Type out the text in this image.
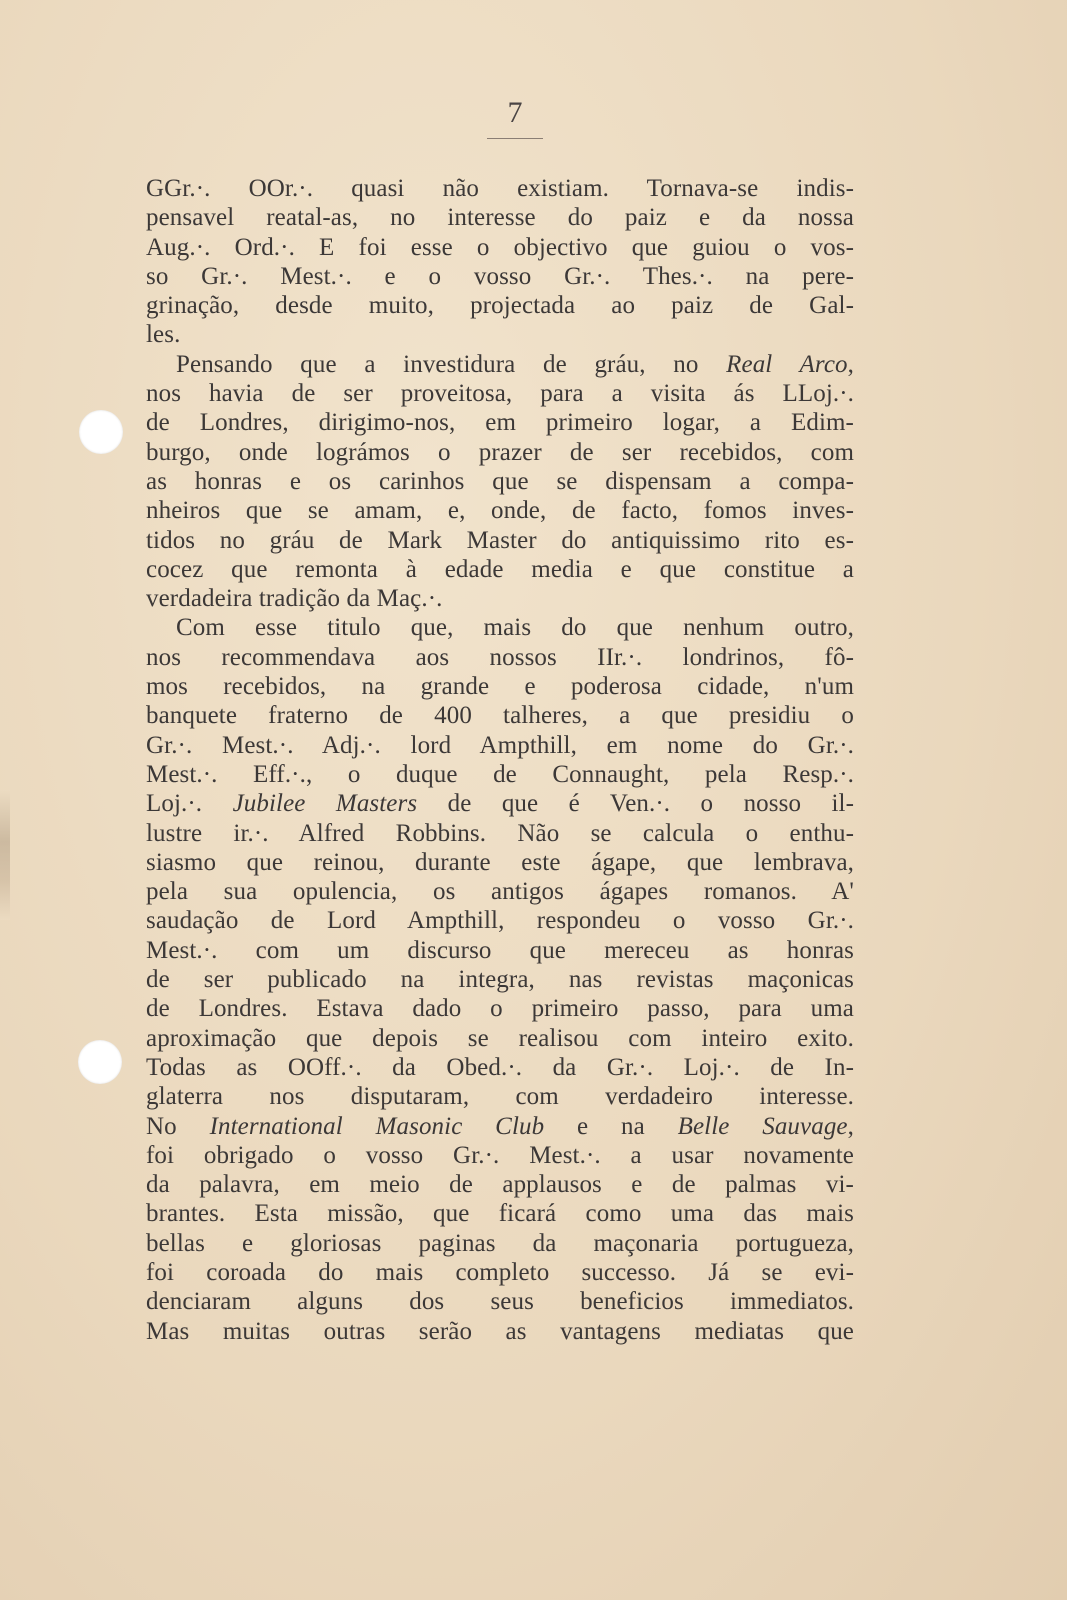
7
GGr.·. OOr.·. quasi não existiam. Tornava-se indis-
pensavel reatal-as, no interesse do paiz e da nossa
Aug.·. Ord.·. E foi esse o objectivo que guiou o vos-
so Gr.·. Mest.·. e o vosso Gr.·. Thes.·. na pere-
grinação, desde muito, projectada ao paiz de Gal-
les.
Pensando que a investidura de gráu, no Real Arco,
nos havia de ser proveitosa, para a visita ás LLoj.·.
de Londres, dirigimo-nos, em primeiro logar, a Edim-
burgo, onde lográmos o prazer de ser recebidos, com
as honras e os carinhos que se dispensam a compa-
nheiros que se amam, e, onde, de facto, fomos inves-
tidos no gráu de Mark Master do antiquissimo rito es-
cocez que remonta à edade media e que constitue a
verdadeira tradição da Maç.·.
Com esse titulo que, mais do que nenhum outro,
nos recommendava aos nossos IIr.·. londrinos, fô-
mos recebidos, na grande e poderosa cidade, n'um
banquete fraterno de 400 talheres, a que presidiu o
Gr.·. Mest.·. Adj.·. lord Ampthill, em nome do Gr.·.
Mest.·. Eff.·., o duque de Connaught, pela Resp.·.
Loj.·. Jubilee Masters de que é Ven.·. o nosso il-
lustre ir.·. Alfred Robbins. Não se calcula o enthu-
siasmo que reinou, durante este ágape, que lembrava,
pela sua opulencia, os antigos ágapes romanos. A'
saudação de Lord Ampthill, respondeu o vosso Gr.·.
Mest.·. com um discurso que mereceu as honras
de ser publicado na integra, nas revistas maçonicas
de Londres. Estava dado o primeiro passo, para uma
aproximação que depois se realisou com inteiro exito.
Todas as OOff.·. da Obed.·. da Gr.·. Loj.·. de In-
glaterra nos disputaram, com verdadeiro interesse.
No International Masonic Club e na Belle Sauvage,
foi obrigado o vosso Gr.·. Mest.·. a usar novamente
da palavra, em meio de applausos e de palmas vi-
brantes. Esta missão, que ficará como uma das mais
bellas e gloriosas paginas da maçonaria portugueza,
foi coroada do mais completo successo. Já se evi-
denciaram alguns dos seus beneficios immediatos.
Mas muitas outras serão as vantagens mediatas que
